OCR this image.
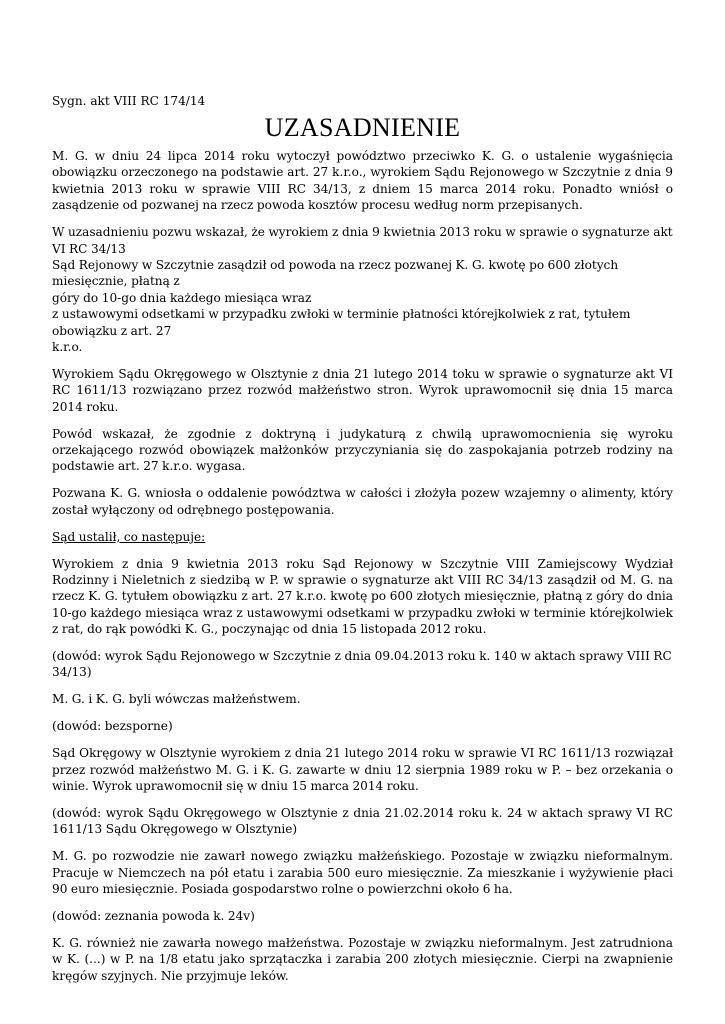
Sygn. akt VIII RC 174/14

UZASADNIENIE

M. G. w dniu 24 lipca 2014 roku wytoczył powództwo przeciwko K. G. o ustalenie wygaśnięcia obowiązku orzeczonego na podstawie art. 27 k.r.o., wyrokiem Sądu Rejonowego w Szczytnie z dnia 9 kwietnia 2013 roku w sprawie VIII RC 34/13, z dniem 15 marca 2014 roku. Ponadto wniósł o zasądzenie od pozwanej na rzecz powoda kosztów procesu według norm przepisanych.

W uzasadnieniu pozwu wskazał, że wyrokiem z dnia 9 kwietnia 2013 roku w sprawie o sygnaturze akt VI RC 34/13
Sąd Rejonowy w Szczytnie zasądził od powoda na rzecz pozwanej K. G. kwotę po 600 złotych miesięcznie, płatną z
góry do 10-go dnia każdego miesiąca wraz
z ustawowymi odsetkami w przypadku zwłoki w terminie płatności którejkolwiek z rat, tytułem obowiązku z art. 27
k.r.o.

Wyrokiem Sądu Okręgowego w Olsztynie z dnia 21 lutego 2014 toku w sprawie o sygnaturze akt VI RC 1611/13 rozwiązano przez rozwód małżeństwo stron. Wyrok uprawomocnił się dnia 15 marca 2014 roku.

Powód wskazał, że zgodnie z doktryną i judykaturą z chwilą uprawomocnienia się wyroku orzekającego rozwód obowiązek małżonków przyczyniania się do zaspokajania potrzeb rodziny na podstawie art. 27 k.r.o. wygasa.

Pozwana K. G. wniosła o oddalenie powództwa w całości i złożyła pozew wzajemny o alimenty, który został wyłączony od odrębnego postępowania.

Sąd ustalił, co następuje:

Wyrokiem z dnia 9 kwietnia 2013 roku Sąd Rejonowy w Szczytnie VIII Zamiejscowy Wydział Rodzinny i Nieletnich z siedzibą w P. w sprawie o sygnaturze akt VIII RC 34/13 zasądził od M. G. na rzecz K. G. tytułem obowiązku z art. 27 k.r.o. kwotę po 600 złotych miesięcznie, płatną z góry do dnia 10-go każdego miesiąca wraz z ustawowymi odsetkami w przypadku zwłoki w terminie którejkolwiek z rat, do rąk powódki K. G., poczynając od dnia 15 listopada 2012 roku.

(dowód: wyrok Sądu Rejonowego w Szczytnie z dnia 09.04.2013 roku k. 140 w aktach sprawy VIII RC 34/13)

M. G. i K. G. byli wówczas małżeństwem.

(dowód: bezsporne)

Sąd Okręgowy w Olsztynie wyrokiem z dnia 21 lutego 2014 roku w sprawie VI RC 1611/13 rozwiązał przez rozwód małżeństwo M. G. i K. G. zawarte w dniu 12 sierpnia 1989 roku w P. – bez orzekania o winie. Wyrok uprawomocnił się w dniu 15 marca 2014 roku.

(dowód: wyrok Sądu Okręgowego w Olsztynie z dnia 21.02.2014 roku k. 24 w aktach sprawy VI RC 1611/13 Sądu Okręgowego w Olsztynie)

M. G. po rozwodzie nie zawarł nowego związku małżeńskiego. Pozostaje w związku nieformalnym. Pracuje w Niemczech na pół etatu i zarabia 500 euro miesięcznie. Za mieszkanie i wyżywienie płaci 90 euro miesięcznie. Posiada gospodarstwo rolne o powierzchni około 6 ha.

(dowód: zeznania powoda k. 24v)

K. G. również nie zawarła nowego małżeństwa. Pozostaje w związku nieformalnym. Jest zatrudniona w K. (...) w P. na 1/8 etatu jako sprzątaczka i zarabia 200 złotych miesięcznie. Cierpi na zwapnienie kręgów szyjnych. Nie przyjmuje leków.
